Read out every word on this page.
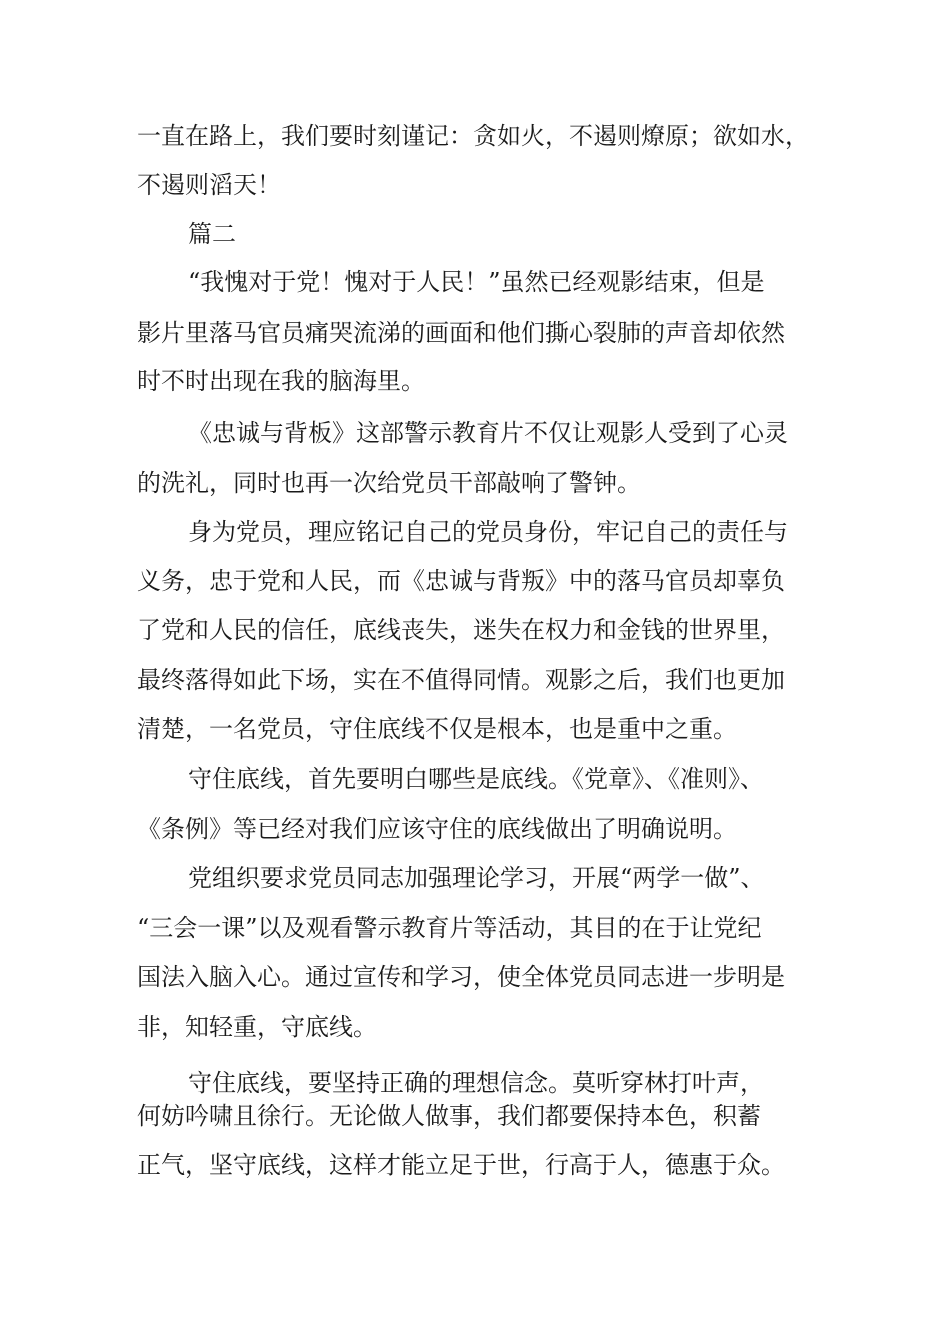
一直在路上，我们要时刻谨记：贪如火，不遏则燎原；欲如水，
不遏则滔天！
篇二
“我愧对于党！愧对于人民！”虽然已经观影结束，但是
影片里落马官员痛哭流涕的画面和他们撕心裂肺的声音却依然
时不时出现在我的脑海里。
《忠诚与背板》这部警示教育片不仅让观影人受到了心灵
的洗礼，同时也再一次给党员干部敲响了警钟。
身为党员，理应铭记自己的党员身份，牢记自己的责任与
义务，忠于党和人民，而《忠诚与背叛》中的落马官员却辜负
了党和人民的信任，底线丧失，迷失在权力和金钱的世界里，
最终落得如此下场，实在不值得同情。观影之后，我们也更加
清楚，一名党员，守住底线不仅是根本，也是重中之重。
守住底线，首先要明白哪些是底线。《党章》、《准则》、
《条例》等已经对我们应该守住的底线做出了明确说明。
党组织要求党员同志加强理论学习，开展“两学一做”、
“三会一课”以及观看警示教育片等活动，其目的在于让党纪
国法入脑入心。通过宣传和学习，使全体党员同志进一步明是
非，知轻重，守底线。
守住底线，要坚持正确的理想信念。莫听穿林打叶声，
何妨吟啸且徐行。无论做人做事，我们都要保持本色，积蓄
正气，坚守底线，这样才能立足于世，行高于人，德惠于众。
